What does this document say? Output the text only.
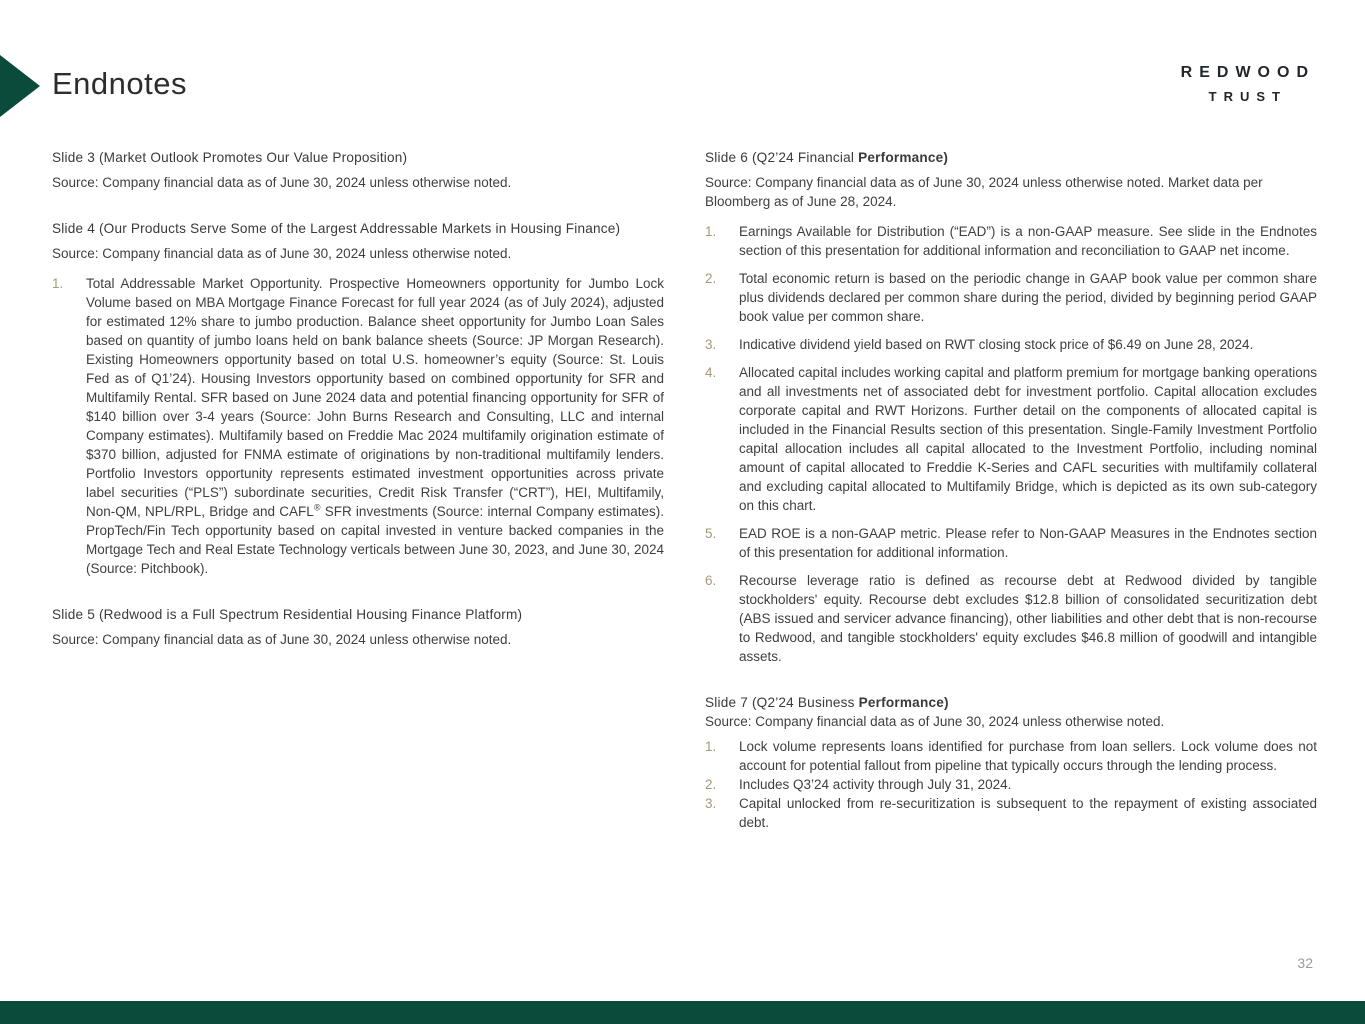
Endnotes	REDWOOD
TRUST
Slide 3 (Market Outlook Promotes Our Value Proposition)
Source: Company financial data as of June 30, 2024 unless otherwise noted.
Slide 4 (Our Products Serve Some of the Largest Addressable Markets in Housing Finance)
Source: Company financial data as of June 30, 2024 unless otherwise noted.
1.	Total Addressable Market Opportunity. Prospective Homeowners opportunity for Jumbo Lock Volume based on MBA Mortgage Finance Forecast for full year 2024 (as of July 2024), adjusted for estimated 12% share to jumbo production. Balance sheet opportunity for Jumbo Loan Sales based on quantity of jumbo loans held on bank balance sheets (Source: JP Morgan Research). Existing Homeowners opportunity based on total U.S. homeowner’s equity (Source: St. Louis Fed as of Q1’24). Housing Investors opportunity based on combined opportunity for SFR and Multifamily Rental. SFR based on June 2024 data and potential financing opportunity for SFR of $140 billion over 3-4 years (Source: John Burns Research and Consulting, LLC and internal Company estimates). Multifamily based on Freddie Mac 2024 multifamily origination estimate of $370 billion, adjusted for FNMA estimate of originations by non-traditional multifamily lenders. Portfolio Investors opportunity represents estimated investment opportunities across private label securities (“PLS”) subordinate securities, Credit Risk Transfer (“CRT”), HEI, Multifamily, Non-QM, NPL/RPL, Bridge and CAFL® SFR investments (Source: internal Company estimates). PropTech/Fin Tech opportunity based on capital invested in venture backed companies in the Mortgage Tech and Real Estate Technology verticals between June 30, 2023, and June 30, 2024 (Source: Pitchbook).
Slide 5 (Redwood is a Full Spectrum Residential Housing Finance Platform)
Source: Company financial data as of June 30, 2024 unless otherwise noted.
Slide 6 (Q2’24 Financial Performance)
Source: Company financial data as of June 30, 2024 unless otherwise noted. Market data per Bloomberg as of June 28, 2024.
1.	Earnings Available for Distribution (“EAD”) is a non-GAAP measure. See slide in the Endnotes section of this presentation for additional information and reconciliation to GAAP net income.
2.	Total economic return is based on the periodic change in GAAP book value per common share plus dividends declared per common share during the period, divided by beginning period GAAP book value per common share.
3.	Indicative dividend yield based on RWT closing stock price of $6.49 on June 28, 2024.
4.	Allocated capital includes working capital and platform premium for mortgage banking operations and all investments net of associated debt for investment portfolio. Capital allocation excludes corporate capital and RWT Horizons. Further detail on the components of allocated capital is included in the Financial Results section of this presentation. Single-Family Investment Portfolio capital allocation includes all capital allocated to the Investment Portfolio, including nominal amount of capital allocated to Freddie K-Series and CAFL securities with multifamily collateral and excluding capital allocated to Multifamily Bridge, which is depicted as its own sub-category on this chart.
5.	EAD ROE is a non-GAAP metric. Please refer to Non-GAAP Measures in the Endnotes section of this presentation for additional information.
6.	Recourse leverage ratio is defined as recourse debt at Redwood divided by tangible stockholders' equity. Recourse debt excludes $12.8 billion of consolidated securitization debt (ABS issued and servicer advance financing), other liabilities and other debt that is non-recourse to Redwood, and tangible stockholders' equity excludes $46.8 million of goodwill and intangible assets.
Slide 7 (Q2’24 Business Performance)
Source: Company financial data as of June 30, 2024 unless otherwise noted.
1.	Lock volume represents loans identified for purchase from loan sellers. Lock volume does not account for potential fallout from pipeline that typically occurs through the lending process.
2.	Includes Q3’24 activity through July 31, 2024.
3.	Capital unlocked from re-securitization is subsequent to the repayment of existing associated debt.
32
